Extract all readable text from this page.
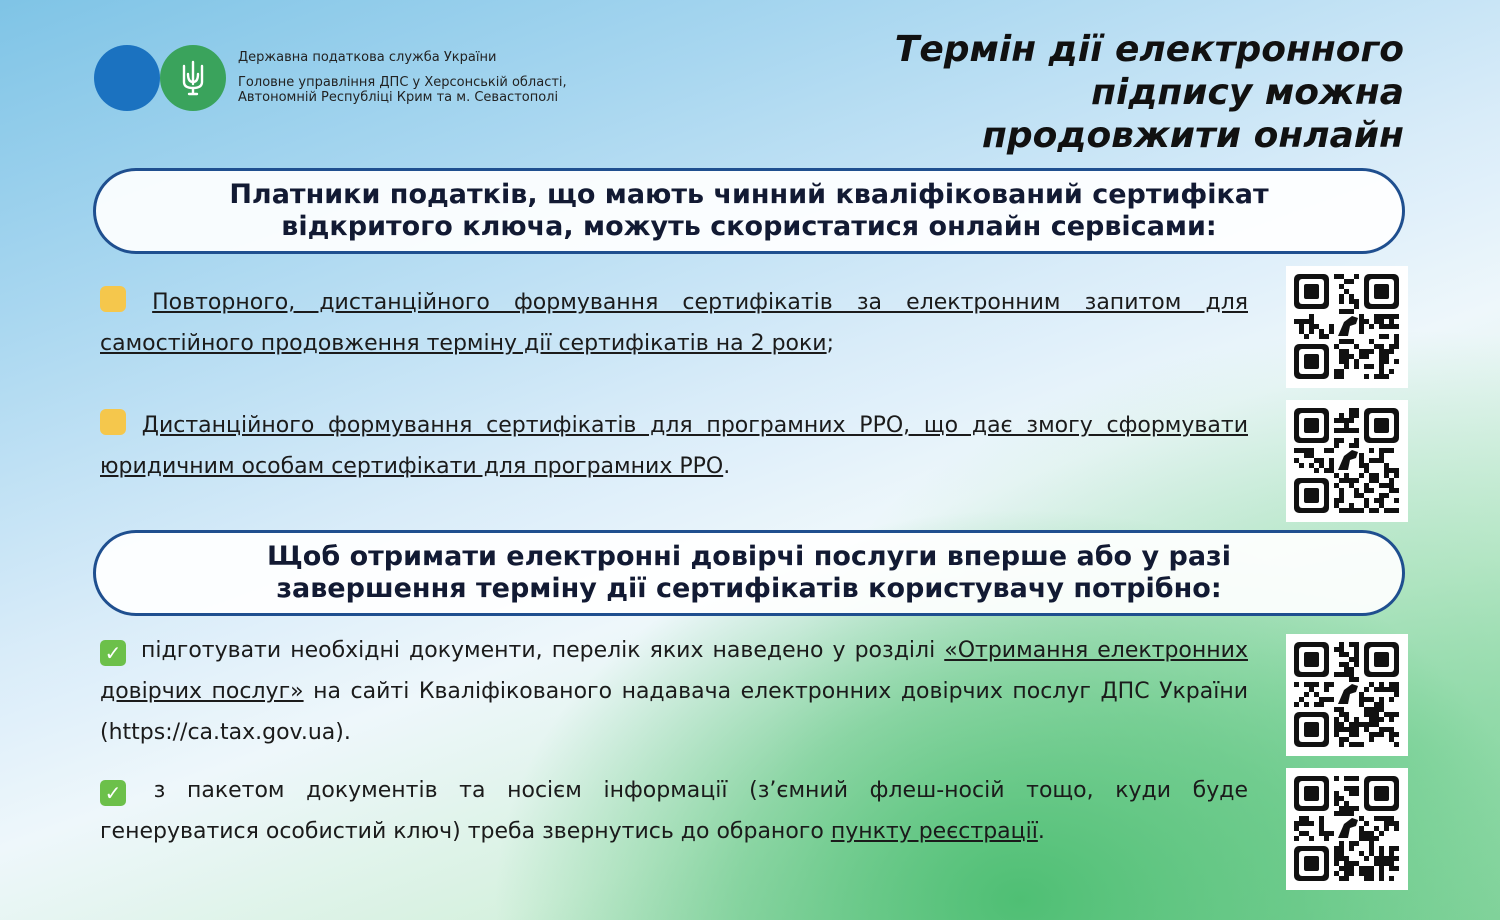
Державна податкова служба України
Головне управління ДПС у Херсонській області,
Автономній Республіці Крим та м. Севастополі
Термін дії електронного
підпису можна
продовжити онлайн
Платники податків, що мають чинний кваліфікований сертифікат
відкритого ключа, можуть скористатися онлайн сервісами:
Повторного, дистанційного формування сертифікатів за електронним запитом для самостійного продовження терміну дії сертифікатів на 2 роки;
Дистанційного формування сертифікатів для програмних РРО, що дає змогу сформувати юридичним особам сертифікати для програмних РРО.
Щоб отримати електронні довірчі послуги вперше або у разі
завершення терміну дії сертифікатів користувачу потрібно:
✓ підготувати необхідні документи, перелік яких наведено у розділі «Отримання електронних довірчих послуг» на сайті Кваліфікованого надавача електронних довірчих послуг ДПС України (https://ca.tax.gov.ua).
✓ з пакетом документів та носієм інформації (з’ємний флеш-носій тощо, куди буде генеруватися особистий ключ) треба звернутись до обраного пункту реєстрації.
